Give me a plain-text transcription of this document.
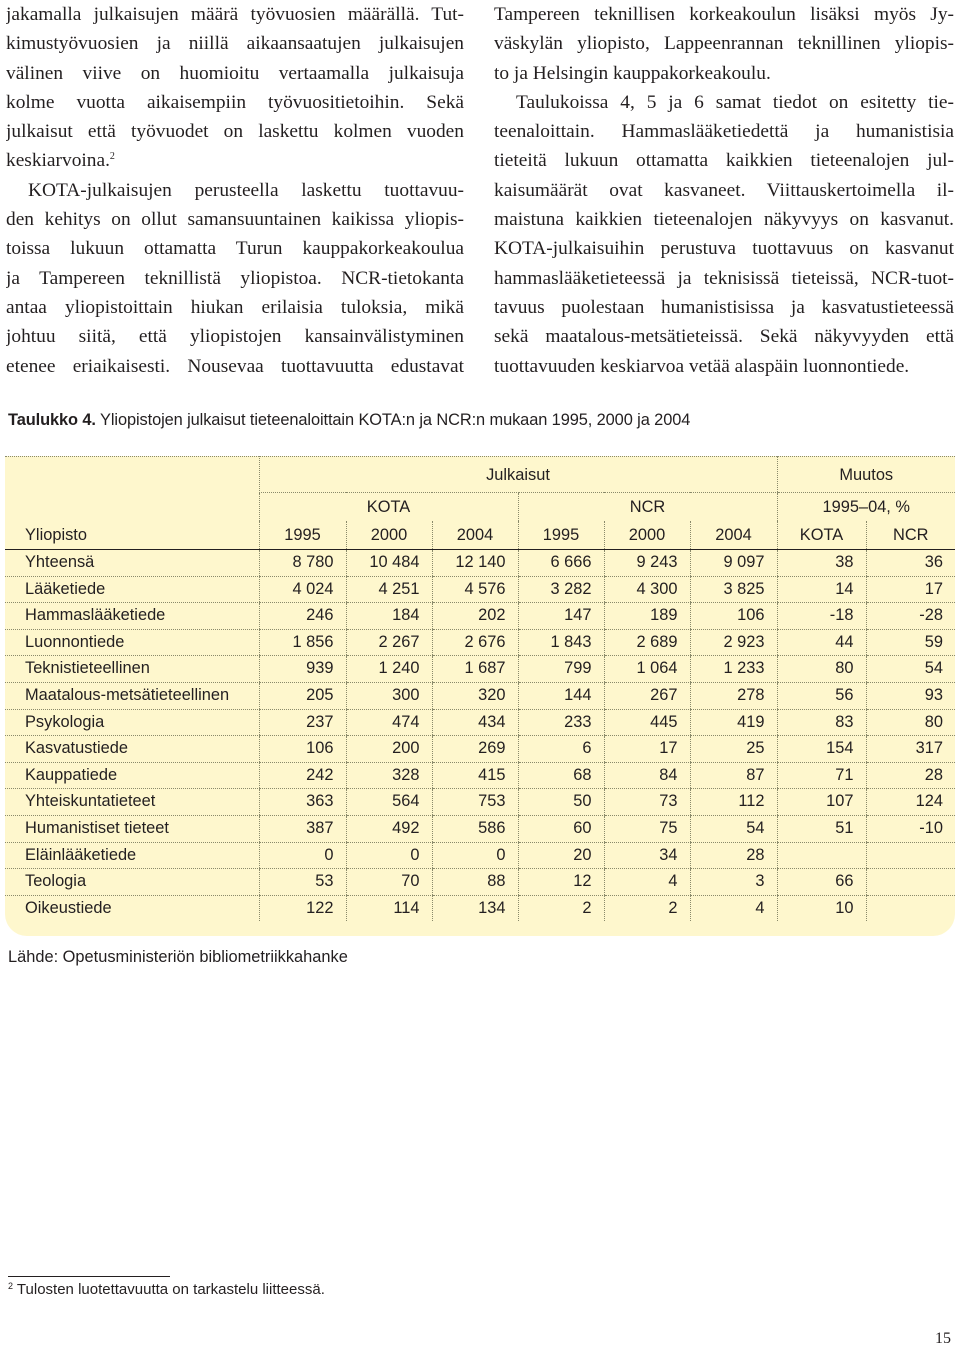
jakamalla julkaisujen määrä työvuosien määrällä. Tut-
kimustyövuosien ja niillä aikaansaatujen julkaisujen
välinen viive on huomioitu vertaamalla julkaisuja
kolme vuotta aikaisempiin työvuositietoihin. Sekä
julkaisut että työvuodet on laskettu kolmen vuoden
keskiarvoina.$^2$
KOTA-julkaisujen perusteella laskettu tuottavuu-
den kehitys on ollut samansuuntainen kaikissa yliopis-
toissa lukuun ottamatta Turun kauppakorkeakoulua
ja Tampereen teknillistä yliopistoa. NCR-tietokanta
antaa yliopistoittain hiukan erilaisia tuloksia, mikä
johtuu siitä, että yliopistojen kansainvälistyminen
etenee eriaikaisesti. Nousevaa tuottavuutta edustavat
Tampereen teknillisen korkeakoulun lisäksi myös Jy-
väskylän yliopisto, Lappeenrannan teknillinen yliopis-
to ja Helsingin kauppakorkeakoulu.
Taulukoissa 4, 5 ja 6 samat tiedot on esitetty tie-
teenaloittain. Hammaslääketiedettä ja humanistisia
tieteitä lukuun ottamatta kaikkien tieteenalojen jul-
kaisumäärät ovat kasvaneet. Viittauskertoimella il-
maistuna kaikkien tieteenalojen näkyvyys on kasvanut.
KOTA-julkaisuihin perustuva tuottavuus on kasvanut
hammaslääketieteessä ja teknisissä tieteissä, NCR-tuot-
tavuus puolestaan humanistisissa ja kasvatustieteessä
sekä maatalous-metsätieteissä. Sekä näkyvyyden että
tuottavuuden keskiarvoa vetää alaspäin luonnontiede.
Taulukko 4. Yliopistojen julkaisut tieteenaloittain KOTA:n ja NCR:n mukaan 1995, 2000 ja 2004
	Julkaisut						Muutos	
	KOTA			NCR			1995–04, %	
Yliopisto	1995	2000	2004	1995	2000	2004	KOTA	NCR
Yhteensä	8 780	10 484	12 140	6 666	9 243	9 097	38	36
Lääketiede	4 024	4 251	4 576	3 282	4 300	3 825	14	17
Hammaslääketiede	246	184	202	147	189	106	-18	-28
Luonnontiede	1 856	2 267	2 676	1 843	2 689	2 923	44	59
Teknistieteellinen	939	1 240	1 687	799	1 064	1 233	80	54
Maatalous-metsätieteellinen	205	300	320	144	267	278	56	93
Psykologia	237	474	434	233	445	419	83	80
Kasvatustiede	106	200	269	6	17	25	154	317
Kauppatiede	242	328	415	68	84	87	71	28
Yhteiskuntatieteet	363	564	753	50	73	112	107	124
Humanistiset tieteet	387	492	586	60	75	54	51	-10
Eläinlääketiede	0	0	0	20	34	28		
Teologia	53	70	88	12	4	3	66	
Oikeustiede	122	114	134	2	2	4	10	
Lähde: Opetusministeriön bibliometriikkahanke
$^2$ Tulosten luotettavuutta on tarkastelu liitteessä.
15
